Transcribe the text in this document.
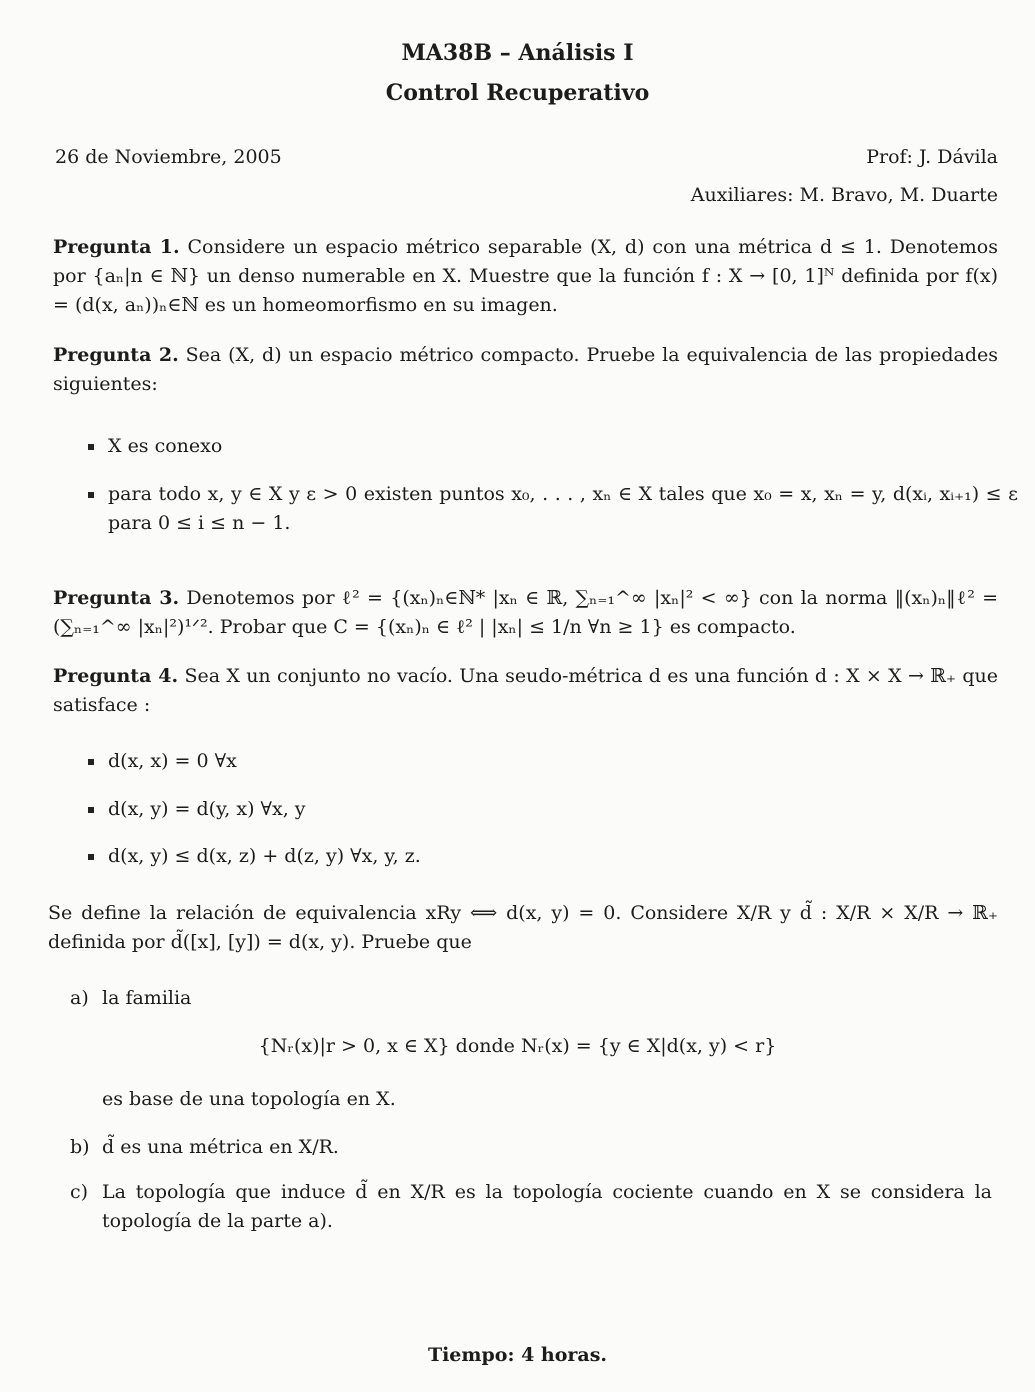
MA38B – Análisis I
Control Recuperativo
26 de Noviembre, 2005	Prof: J. Dávila
Auxiliares: M. Bravo, M. Duarte
Pregunta 1. Considere un espacio métrico separable (X, d) con una métrica d ≤ 1. Denotemos por {aₙ|n ∈ ℕ} un denso numerable en X. Muestre que la función f : X → [0, 1]ᴺ definida por f(x) = (d(x, aₙ))ₙ∈ℕ es un homeomorfismo en su imagen.
Pregunta 2. Sea (X, d) un espacio métrico compacto. Pruebe la equivalencia de las propiedades siguientes:
X es conexo
para todo x, y ∈ X y ε > 0 existen puntos x₀, . . . , xₙ ∈ X tales que x₀ = x, xₙ = y, d(xᵢ, xᵢ₊₁) ≤ ε para 0 ≤ i ≤ n − 1.
Pregunta 3. Denotemos por ℓ² = {(xₙ)ₙ∈ℕ* |xₙ ∈ ℝ, ∑ₙ₌₁^∞ |xₙ|² < ∞} con la norma ‖(xₙ)ₙ‖ℓ² = (∑ₙ₌₁^∞ |xₙ|²)¹ᐟ². Probar que C = {(xₙ)ₙ ∈ ℓ² | |xₙ| ≤ 1/n ∀n ≥ 1} es compacto.
Pregunta 4. Sea X un conjunto no vacío. Una seudo-métrica d es una función d : X × X → ℝ₊ que satisface :
d(x, x) = 0 ∀x
d(x, y) = d(y, x) ∀x, y
d(x, y) ≤ d(x, z) + d(z, y) ∀x, y, z.
Se define la relación de equivalencia xRy ⟺ d(x, y) = 0. Considere X/R y d̃ : X/R × X/R → ℝ₊ definida por d̃([x], [y]) = d(x, y). Pruebe que
a) la familia
{Nᵣ(x)|r > 0, x ∈ X} donde Nᵣ(x) = {y ∈ X|d(x, y) < r}
es base de una topología en X.
b) d̃ es una métrica en X/R.
c) La topología que induce d̃ en X/R es la topología cociente cuando en X se considera la topología de la parte a).
Tiempo: 4 horas.
